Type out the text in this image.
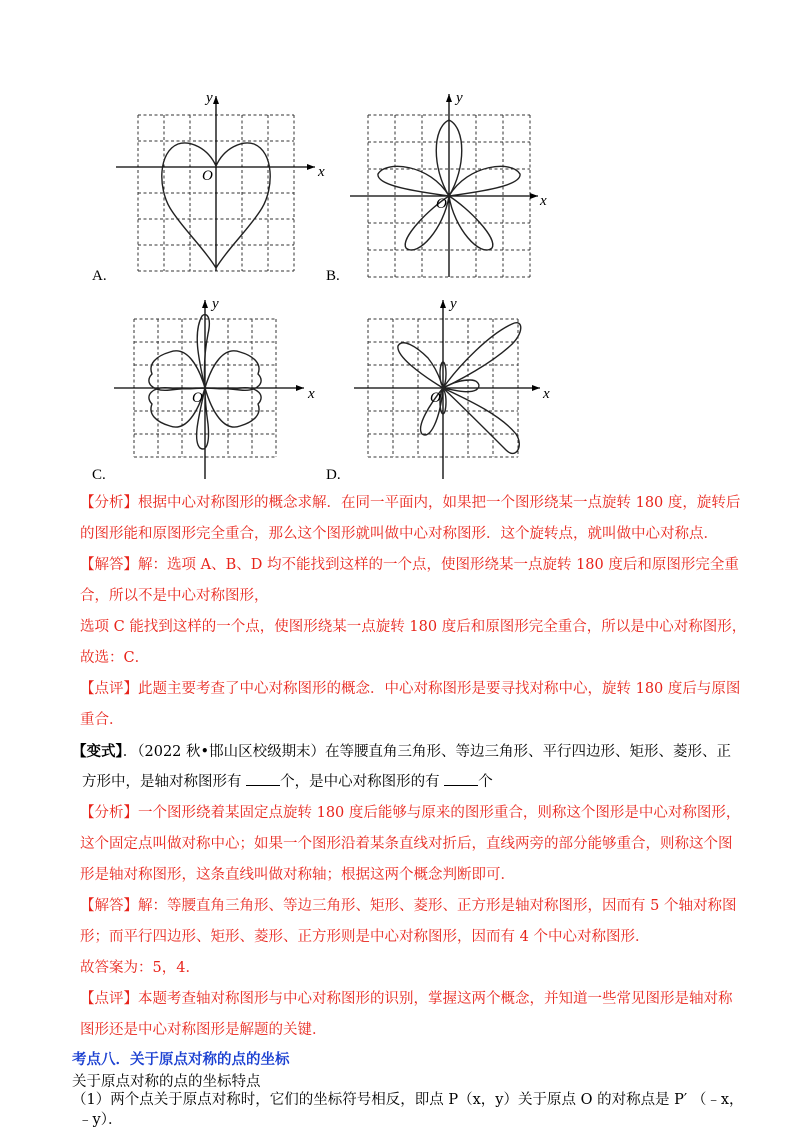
y
x
O
A.
y
x
O
B.
y
x
O
C.
y
x
O
D.
【分析】根据中心对称图形的概念求解．在同一平面内，如果把一个图形绕某一点旋转 180 度，旋转后
的图形能和原图形完全重合，那么这个图形就叫做中心对称图形．这个旋转点，就叫做中心对称点．
【解答】解：选项 A、B、D 均不能找到这样的一个点，使图形绕某一点旋转 180 度后和原图形完全重
合，所以不是中心对称图形，
选项 C 能找到这样的一个点，使图形绕某一点旋转 180 度后和原图形完全重合，所以是中心对称图形，
故选：C．
【点评】此题主要考查了中心对称图形的概念．中心对称图形是要寻找对称中心，旋转 180 度后与原图
重合．
【变式】．（2022 秋•邯山区校级期末）在等腰直角三角形、等边三角形、平行四边形、矩形、菱形、正
方形中，是轴对称图形有 个，是中心对称图形的有 个
【分析】一个图形绕着某固定点旋转 180 度后能够与原来的图形重合，则称这个图形是中心对称图形，
这个固定点叫做对称中心；如果一个图形沿着某条直线对折后，直线两旁的部分能够重合，则称这个图
形是轴对称图形，这条直线叫做对称轴；根据这两个概念判断即可．
【解答】解：等腰直角三角形、等边三角形、矩形、菱形、正方形是轴对称图形，因而有 5 个轴对称图
形；而平行四边形、矩形、菱形、正方形则是中心对称图形，因而有 4 个中心对称图形．
故答案为：5，4．
【点评】本题考查轴对称图形与中心对称图形的识别，掌握这两个概念，并知道一些常见图形是轴对称
图形还是中心对称图形是解题的关键．
考点八．关于原点对称的点的坐标
关于原点对称的点的坐标特点
（1）两个点关于原点对称时，它们的坐标符号相反，即点 P（x，y）关于原点 O 的对称点是 P′ （﹣x，
﹣y）．
